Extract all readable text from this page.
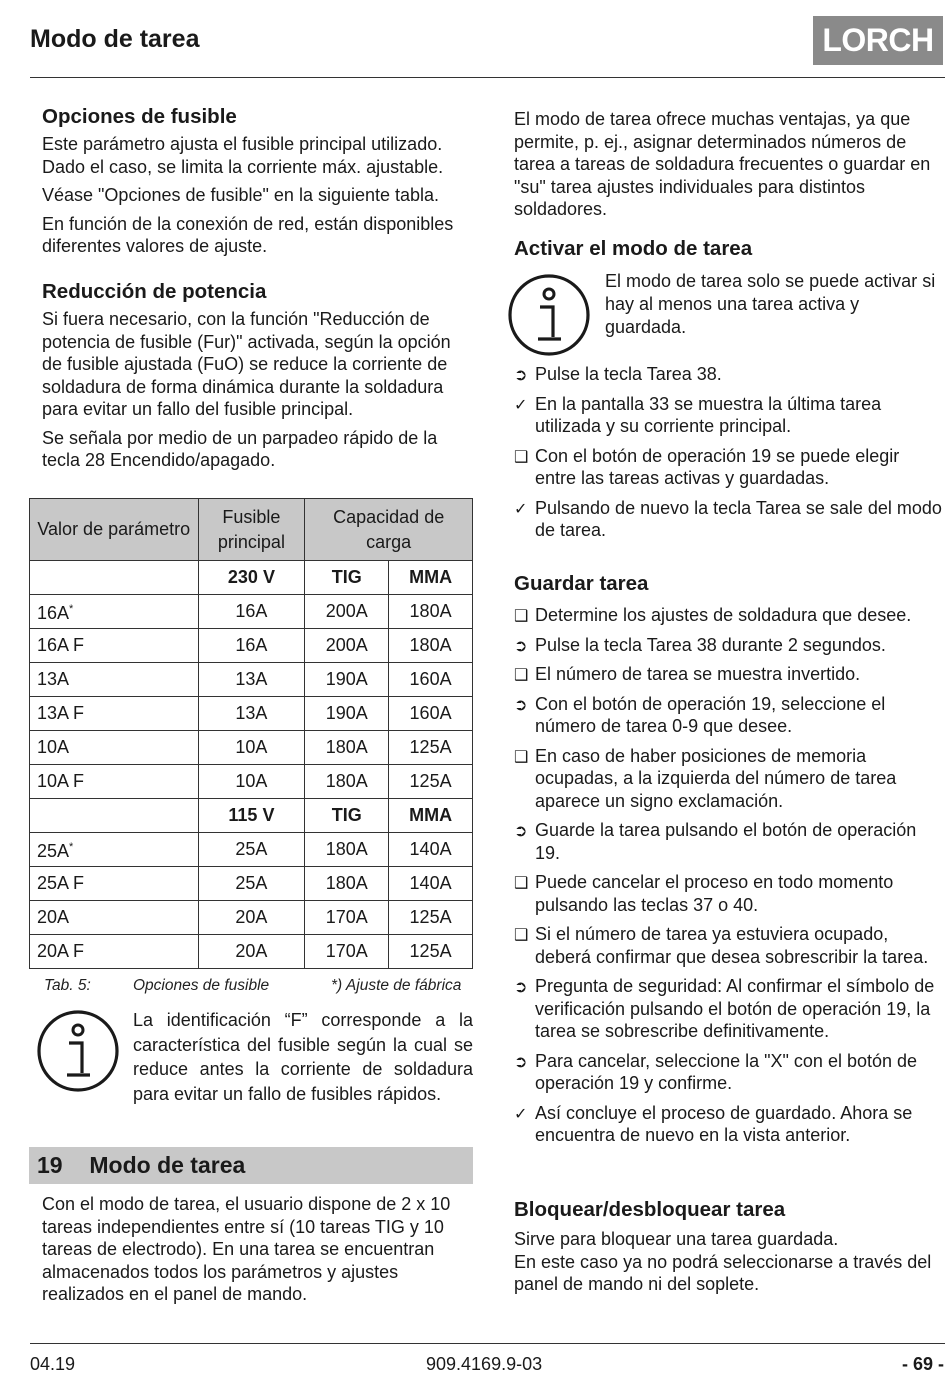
Modo de tarea	LORCH
Opciones de fusible

Este parámetro ajusta el fusible principal utilizado. Dado el caso, se limita la corriente máx. ajustable.

Véase "Opciones de fusible" en la siguiente tabla.

En función de la conexión de red, están disponibles diferentes valores de ajuste.

Reducción de potencia

Si fuera necesario, con la función "Reducción de potencia de fusible (Fur)" activada, según la opción de fusible ajustada (FuO) se reduce la corriente de soldadura de forma dinámica durante la soldadura para evitar un fallo del fusible principal.

Se señala por medio de un parpadeo rápido de la tecla 28 Encendido/apagado.

Valor de parámetro	Fusible principal	Capacidad de carga	
	230 V	TIG	MMA
16A*	16A	200A	180A
16A F	16A	200A	180A
13A	13A	190A	160A
13A F	13A	190A	160A
10A	10A	180A	125A
10A F	10A	180A	125A
	115 V	TIG	MMA
25A*	25A	180A	140A
25A F	25A	180A	140A
20A	20A	170A	125A
20A F	20A	170A	125A
Tab. 5:	Opciones de fusible	*) Ajuste de fábrica
La identificación “F” corresponde a la característica del fusible según la cual se reduce antes la corriente de soldadura para evitar un fallo de fusibles rápidos.
19 Modo de tarea
Con el modo de tarea, el usuario dispone de 2 x 10 tareas independientes entre sí (10 tareas TIG y 10 tareas de electrodo). En una tarea se encuentran almacenados todos los parámetros y ajustes realizados en el panel de mando.
El modo de tarea ofrece muchas ventajas, ya que permite, p. ej., asignar determinados números de tarea a tareas de soldadura frecuentes o guardar en "su" tarea ajustes individuales para distintos soldadores.
Activar el modo de tarea
El modo de tarea solo se puede activar si hay al menos una tarea activa y guardada.
➲ Pulse la tecla Tarea 38.
✓ En la pantalla 33 se muestra la última tarea utilizada y su corriente principal.
❑ Con el botón de operación 19 se puede elegir entre las tareas activas y guardadas.
✓ Pulsando de nuevo la tecla Tarea se sale del modo de tarea.
Guardar tarea
❑ Determine los ajustes de soldadura que desee.
➲ Pulse la tecla Tarea 38 durante 2 segundos.
❑ El número de tarea se muestra invertido.
➲ Con el botón de operación 19, seleccione el número de tarea 0-9 que desee.
❑ En caso de haber posiciones de memoria ocupadas, a la izquierda del número de tarea aparece un signo exclamación.
➲ Guarde la tarea pulsando el botón de operación 19.
❑ Puede cancelar el proceso en todo momento pulsando las teclas 37 o 40.
❑ Si el número de tarea ya estuviera ocupado, deberá confirmar que desea sobrescribir la tarea.
➲ Pregunta de seguridad: Al confirmar el símbolo de verificación pulsando el botón de operación 19, la tarea se sobrescribe definitivamente.
➲ Para cancelar, seleccione la "X" con el botón de operación 19 y confirme.
✓ Así concluye el proceso de guardado. Ahora se encuentra de nuevo en la vista anterior.
Bloquear/desbloquear tarea
Sirve para bloquear una tarea guardada.
En este caso ya no podrá seleccionarse a través del panel de mando ni del soplete.
04.19	909.4169.9-03	- 69 -
